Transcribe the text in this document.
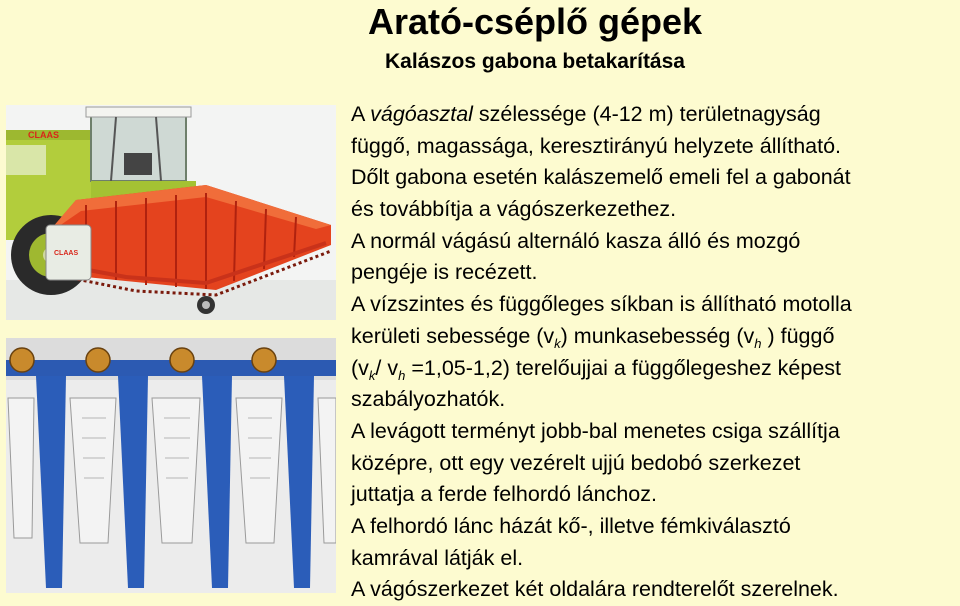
Arató-cséplő gépek
Kalászos gabona betakarítása
CLAAS
CLAAS
A vágóasztal szélessége (4-12 m) területnagyság
függő, magassága, keresztirányú helyzete állítható.
Dőlt gabona esetén kalászemelő emeli fel a gabonát
és továbbítja a vágószerkezethez.
A normál vágású alternáló kasza álló és mozgó
pengéje is recézett.
A vízszintes és függőleges síkban is állítható motolla
kerületi sebessége $(v_k)$ munkasebesség ($v_h$ ) függő
($v_k/$ $v_h =1,05-1,2$) terelőujjai a függőlegeshez képest
szabályozhatók.
A levágott terményt jobb-bal menetes csiga szállítja
középre, ott egy vezérelt ujjú bedobó szerkezet
juttatja a ferde felhordó lánchoz.
A felhordó lánc házát kő-, illetve fémkiválasztó
kamrával látják el.
A vágószerkezet két oldalára rendterelőt szerelnek.
